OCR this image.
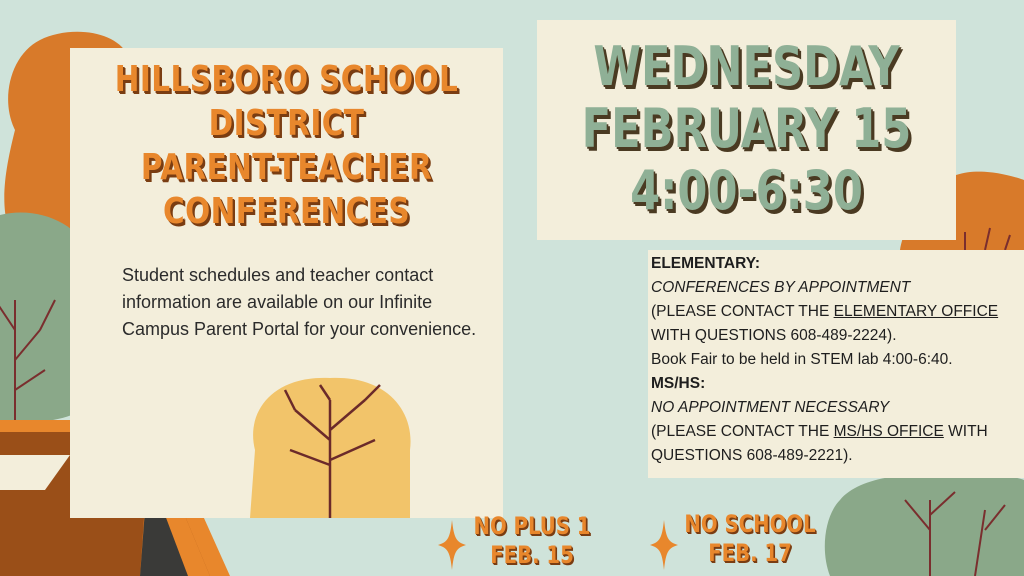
HILLSBORO SCHOOL
DISTRICT
PARENT-TEACHER
CONFERENCES
Student schedules and teacher contact information are available on our Infinite Campus Parent Portal for your convenience.
WEDNESDAY
FEBRUARY 15
4:00-6:30
ELEMENTARY:
CONFERENCES BY APPOINTMENT
(PLEASE CONTACT THE ELEMENTARY OFFICE
WITH QUESTIONS 608-489-2224).
Book Fair to be held in STEM lab 4:00-6:40.
MS/HS:
NO APPOINTMENT NECESSARY
(PLEASE CONTACT THE MS/HS OFFICE WITH
QUESTIONS 608-489-2221).
NO PLUS 1
FEB. 15
NO SCHOOL
FEB. 17
